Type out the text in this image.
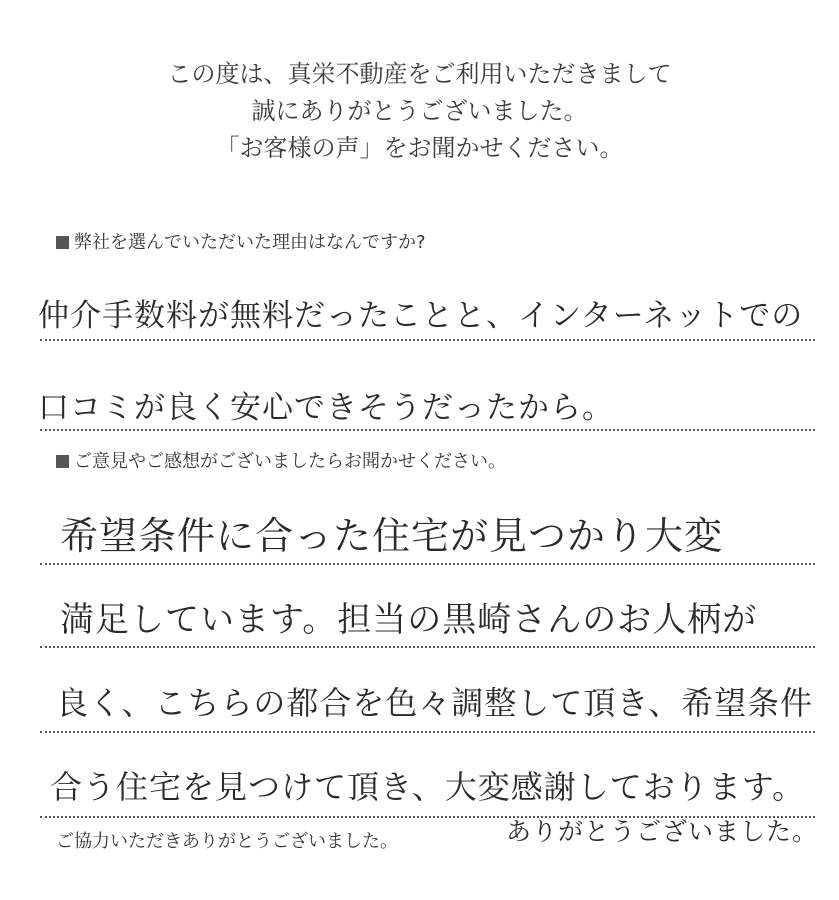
この度は、真栄不動産をご利用いただきまして
誠にありがとうございました。
「お客様の声」をお聞かせください。
弊社を選んでいただいた理由はなんですか?
仲介手数料が無料だったことと、インターネットでの
口コミが良く安心できそうだったから。
ご意見やご感想がございましたらお聞かせください。
希望条件に合った住宅が見つかり大変
満足しています。担当の黒崎さんのお人柄が
良く、こちらの都合を色々調整して頂き、希望条件
合う住宅を見つけて頂き、大変感謝しております。
ご協力いただきありがとうございました。	ありがとうございました。
